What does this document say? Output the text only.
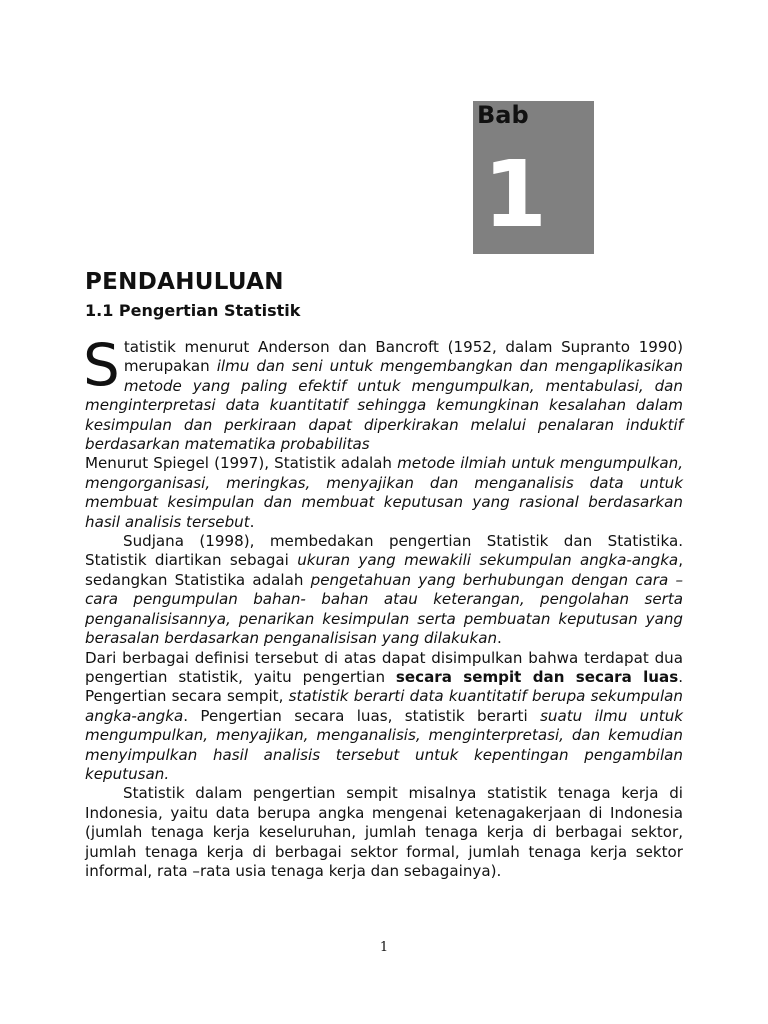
Bab
1
PENDAHULUAN
1.1 Pengertian Statistik
Statistik menurut Anderson dan Bancroft (1952, dalam Supranto 1990) merupakan ilmu dan seni untuk mengembangkan dan mengaplikasikan metode yang paling efektif untuk mengumpulkan, mentabulasi, dan menginterpretasi data kuantitatif sehingga kemungkinan kesalahan dalam kesimpulan dan perkiraan dapat diperkirakan melalui penalaran induktif berdasarkan matematika probabilitas
Menurut Spiegel (1997), Statistik adalah metode ilmiah untuk mengumpulkan, mengorganisasi, meringkas, menyajikan dan menganalisis data untuk membuat kesimpulan dan membuat keputusan yang rasional berdasarkan hasil analisis tersebut.
Sudjana (1998), membedakan pengertian Statistik dan Statistika. Statistik diartikan sebagai ukuran yang mewakili sekumpulan angka-angka, sedangkan Statistika adalah pengetahuan yang berhubungan dengan cara – cara pengumpulan bahan- bahan atau keterangan, pengolahan serta penganalisisannya, penarikan kesimpulan serta pembuatan keputusan yang berasalan berdasarkan penganalisisan yang dilakukan.
Dari berbagai definisi tersebut di atas dapat disimpulkan bahwa terdapat dua pengertian statistik, yaitu pengertian secara sempit dan secara luas. Pengertian secara sempit, statistik berarti data kuantitatif berupa sekumpulan angka-angka. Pengertian secara luas, statistik berarti suatu ilmu untuk mengumpulkan, menyajikan, menganalisis, menginterpretasi, dan kemudian menyimpulkan hasil analisis tersebut untuk kepentingan pengambilan keputusan.
Statistik dalam pengertian sempit misalnya statistik tenaga kerja di Indonesia, yaitu data berupa angka mengenai ketenagakerjaan di Indonesia (jumlah tenaga kerja keseluruhan, jumlah tenaga kerja di berbagai sektor, jumlah tenaga kerja di berbagai sektor formal, jumlah tenaga kerja sektor informal, rata –rata usia tenaga kerja dan sebagainya).
1
